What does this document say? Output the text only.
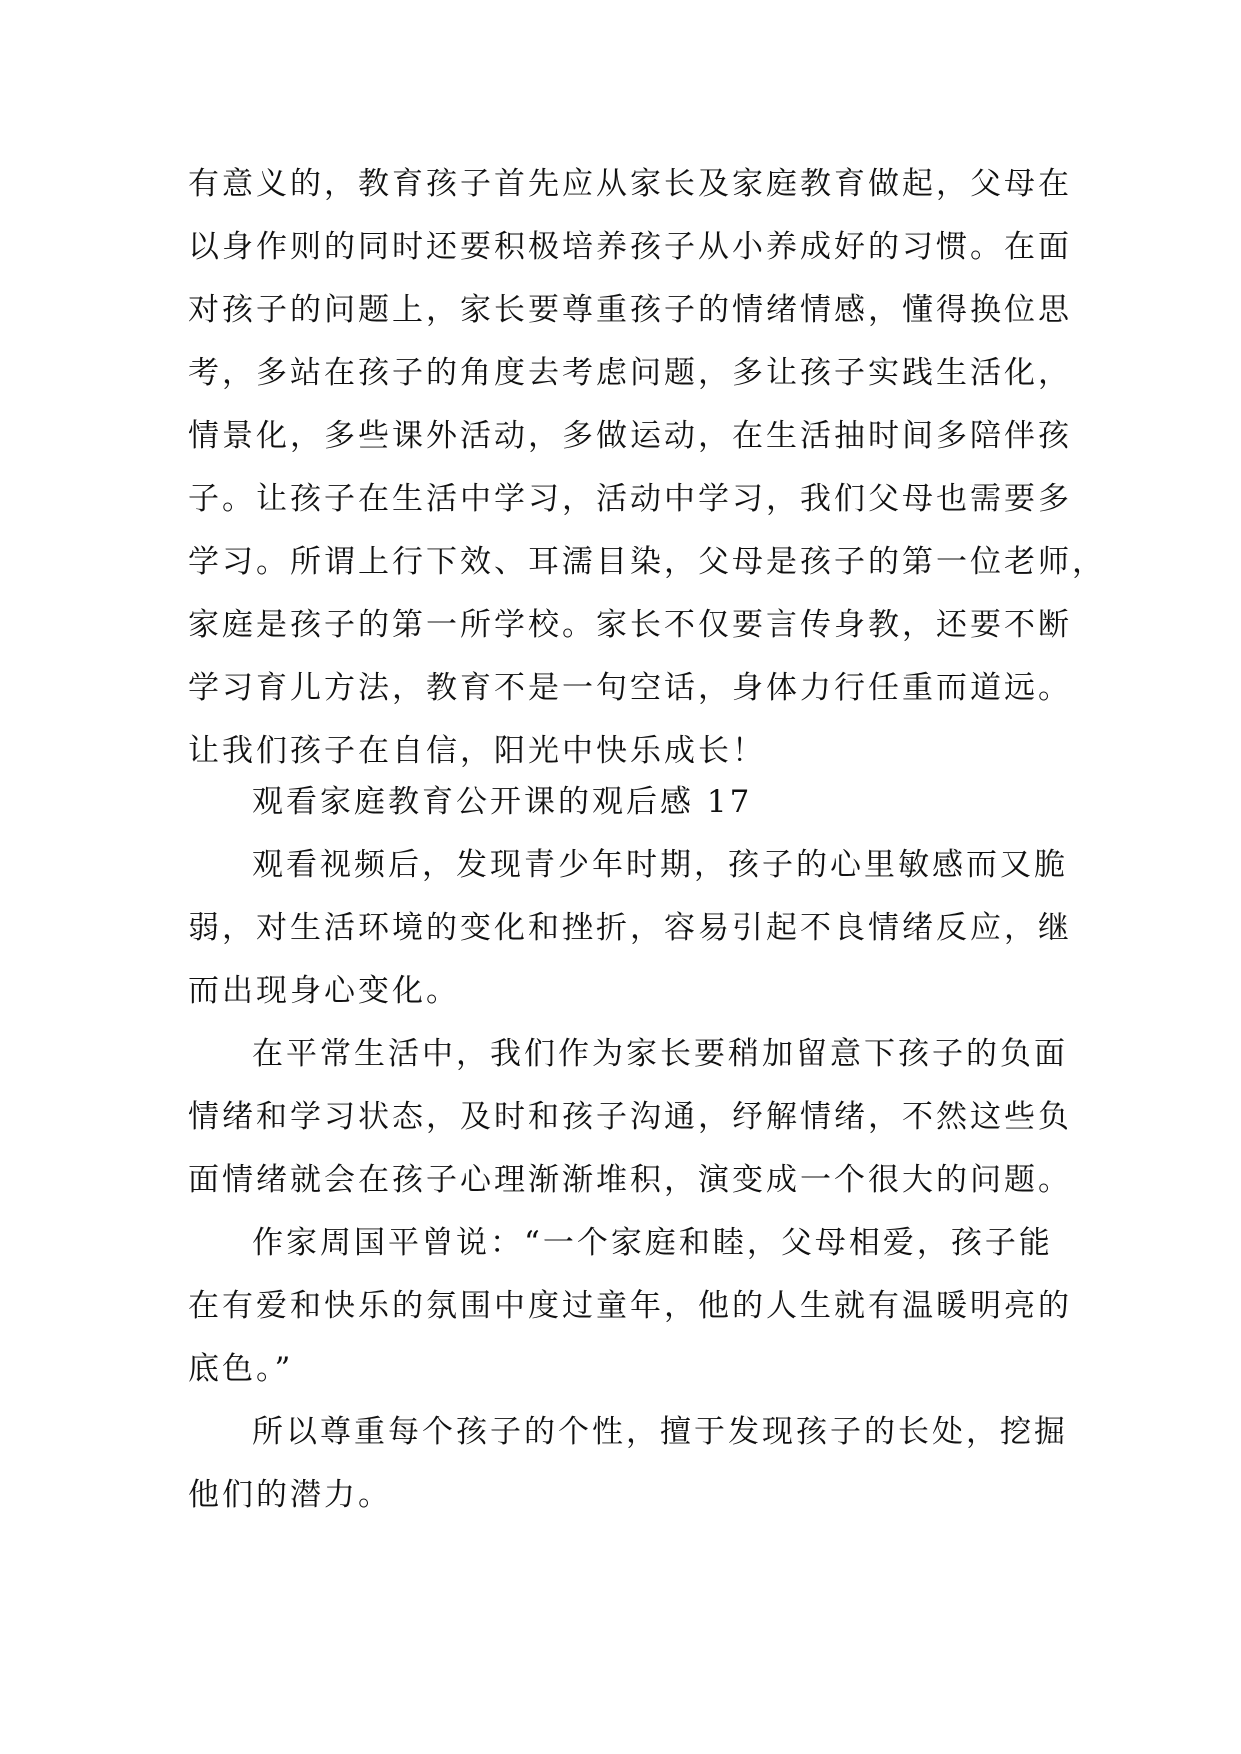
有意义的，教育孩子首先应从家长及家庭教育做起，父母在
以身作则的同时还要积极培养孩子从小养成好的习惯。在面
对孩子的问题上，家长要尊重孩子的情绪情感，懂得换位思
考，多站在孩子的角度去考虑问题，多让孩子实践生活化，
情景化，多些课外活动，多做运动，在生活抽时间多陪伴孩
子。让孩子在生活中学习，活动中学习，我们父母也需要多
学习。所谓上行下效、耳濡目染，父母是孩子的第一位老师，
家庭是孩子的第一所学校。家长不仅要言传身教，还要不断
学习育儿方法，教育不是一句空话，身体力行任重而道远。
让我们孩子在自信，阳光中快乐成长！
观看家庭教育公开课的观后感 17
观看视频后，发现青少年时期，孩子的心里敏感而又脆
弱，对生活环境的变化和挫折，容易引起不良情绪反应，继
而出现身心变化。
在平常生活中，我们作为家长要稍加留意下孩子的负面
情绪和学习状态，及时和孩子沟通，纾解情绪，不然这些负
面情绪就会在孩子心理渐渐堆积，演变成一个很大的问题。
作家周国平曾说：“一个家庭和睦，父母相爱，孩子能
在有爱和快乐的氛围中度过童年，他的人生就有温暖明亮的
底色。”
所以尊重每个孩子的个性，擅于发现孩子的长处，挖掘
他们的潜力。
